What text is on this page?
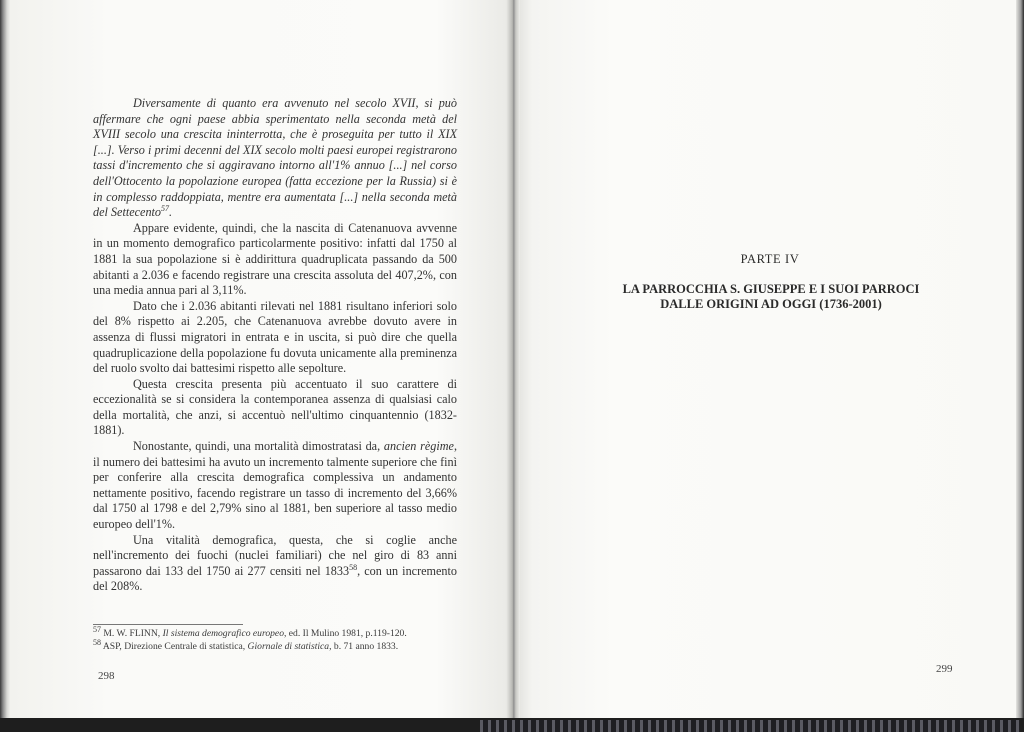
Diversamente di quanto era avvenuto nel secolo XVII, si può affermare che ogni paese abbia sperimentato nella seconda metà del XVIII secolo una crescita ininterrotta, che è proseguita per tutto il XIX [...]. Verso i primi decenni del XIX secolo molti paesi europei registrarono tassi d'incremento che si aggiravano intorno all'1% annuo [...] nel corso dell'Ottocento la popolazione europea (fatta eccezione per la Russia) si è in complesso raddoppiata, mentre era aumentata [...] nella seconda metà del Settecento$^{57}$.

Appare evidente, quindi, che la nascita di Catenanuova avvenne in un momento demografico particolarmente positivo: infatti dal 1750 al 1881 la sua popolazione si è addirittura quadruplicata passando da 500 abitanti a 2.036 e facendo registrare una crescita assoluta del 407,2%, con una media annua pari al 3,11%.

Dato che i 2.036 abitanti rilevati nel 1881 risultano inferiori solo del 8% rispetto ai 2.205, che Catenanuova avrebbe dovuto avere in assenza di flussi migratori in entrata e in uscita, si può dire che quella quadruplicazione della popolazione fu dovuta unicamente alla preminenza del ruolo svolto dai battesimi rispetto alle sepolture.

Questa crescita presenta più accentuato il suo carattere di eccezionalità se si considera la contemporanea assenza di qualsiasi calo della mortalità, che anzi, si accentuò nell'ultimo cinquantennio (1832-1881).

Nonostante, quindi, una mortalità dimostratasi da, ancien règime, il numero dei battesimi ha avuto un incremento talmente superiore che finì per conferire alla crescita demografica complessiva un andamento nettamente positivo, facendo registrare un tasso di incremento del 3,66% dal 1750 al 1798 e del 2,79% sino al 1881, ben superiore al tasso medio europeo dell'1%.

Una vitalità demografica, questa, che si coglie anche nell'incremento dei fuochi (nuclei familiari) che nel giro di 83 anni passarono dai 133 del 1750 ai 277 censiti nel 1833$^{58}$, con un incremento del 208%.

$^{57}$ M. W. FLINN, Il sistema demografico europeo, ed. Il Mulino 1981, p.119-120.

$^{58}$ ASP, Direzione Centrale di statistica, Giornale di statistica, b. 71 anno 1833.

298
PARTE IV
LA PARROCCHIA S. GIUSEPPE E I SUOI PARROCI
DALLE ORIGINI AD OGGI (1736-2001)
299
